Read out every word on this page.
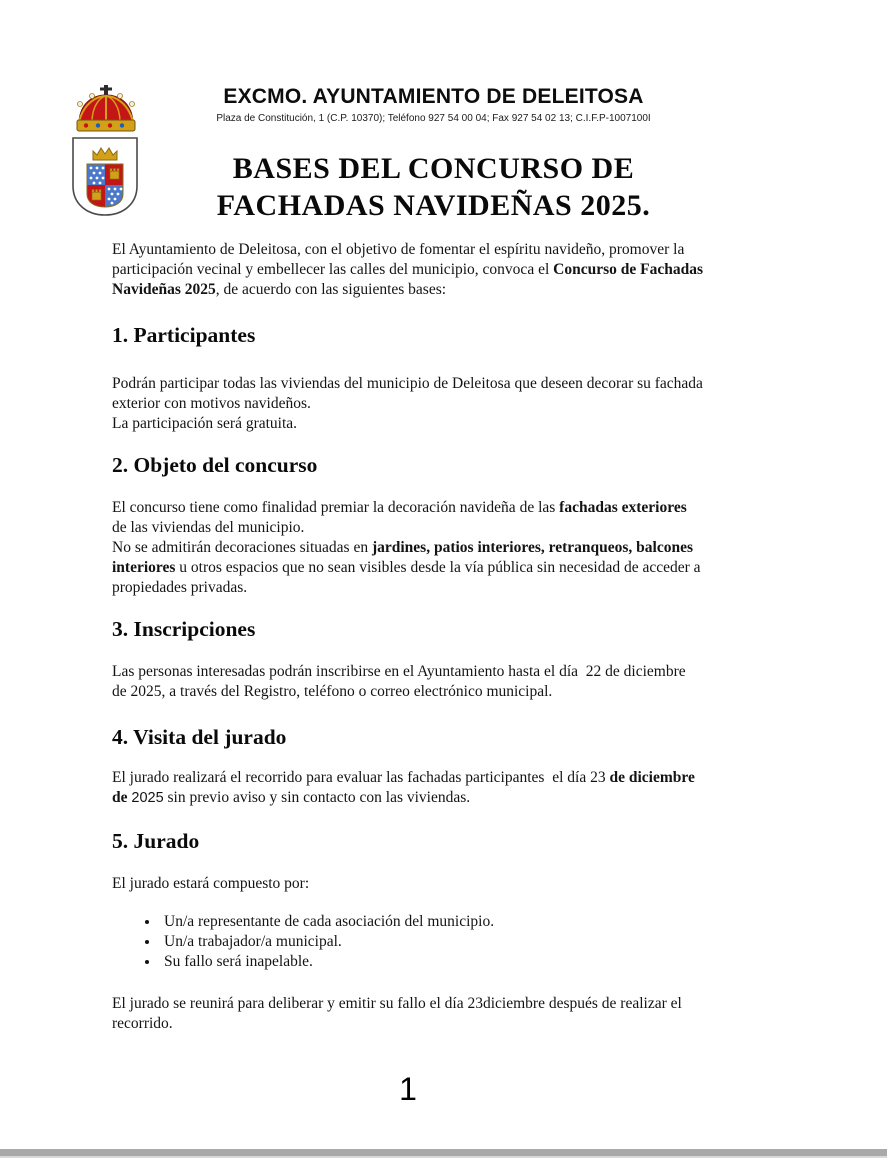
EXCMO. AYUNTAMIENTO DE DELEITOSA
Plaza de Constitución, 1 (C.P. 10370); Teléfono 927 54 00 04; Fax 927 54 02 13; C.I.F.P-1007100I
BASES DEL CONCURSO DE
FACHADAS NAVIDEÑAS 2025.

El Ayuntamiento de Deleitosa, con el objetivo de fomentar el espíritu navideño, promover la participación vecinal y embellecer las calles del municipio, convoca el Concurso de Fachadas Navideñas 2025, de acuerdo con las siguientes bases:

1. Participantes

Podrán participar todas las viviendas del municipio de Deleitosa que deseen decorar su fachada exterior con motivos navideños.
La participación será gratuita.

2. Objeto del concurso

El concurso tiene como finalidad premiar la decoración navideña de las fachadas exteriores de las viviendas del municipio.
No se admitirán decoraciones situadas en jardines, patios interiores, retranqueos, balcones interiores u otros espacios que no sean visibles desde la vía pública sin necesidad de acceder a propiedades privadas.

3. Inscripciones

Las personas interesadas podrán inscribirse en el Ayuntamiento hasta el día  22 de diciembre de 2025, a través del Registro, teléfono o correo electrónico municipal.

4. Visita del jurado

El jurado realizará el recorrido para evaluar las fachadas participantes  el día 23 de diciembre de 2025 sin previo aviso y sin contacto con las viviendas.

5. Jurado

El jurado estará compuesto por:

• Un/a representante de cada asociación del municipio.
• Un/a trabajador/a municipal.
• Su fallo será inapelable.

El jurado se reunirá para deliberar y emitir su fallo el día 23diciembre después de realizar el recorrido.

1
